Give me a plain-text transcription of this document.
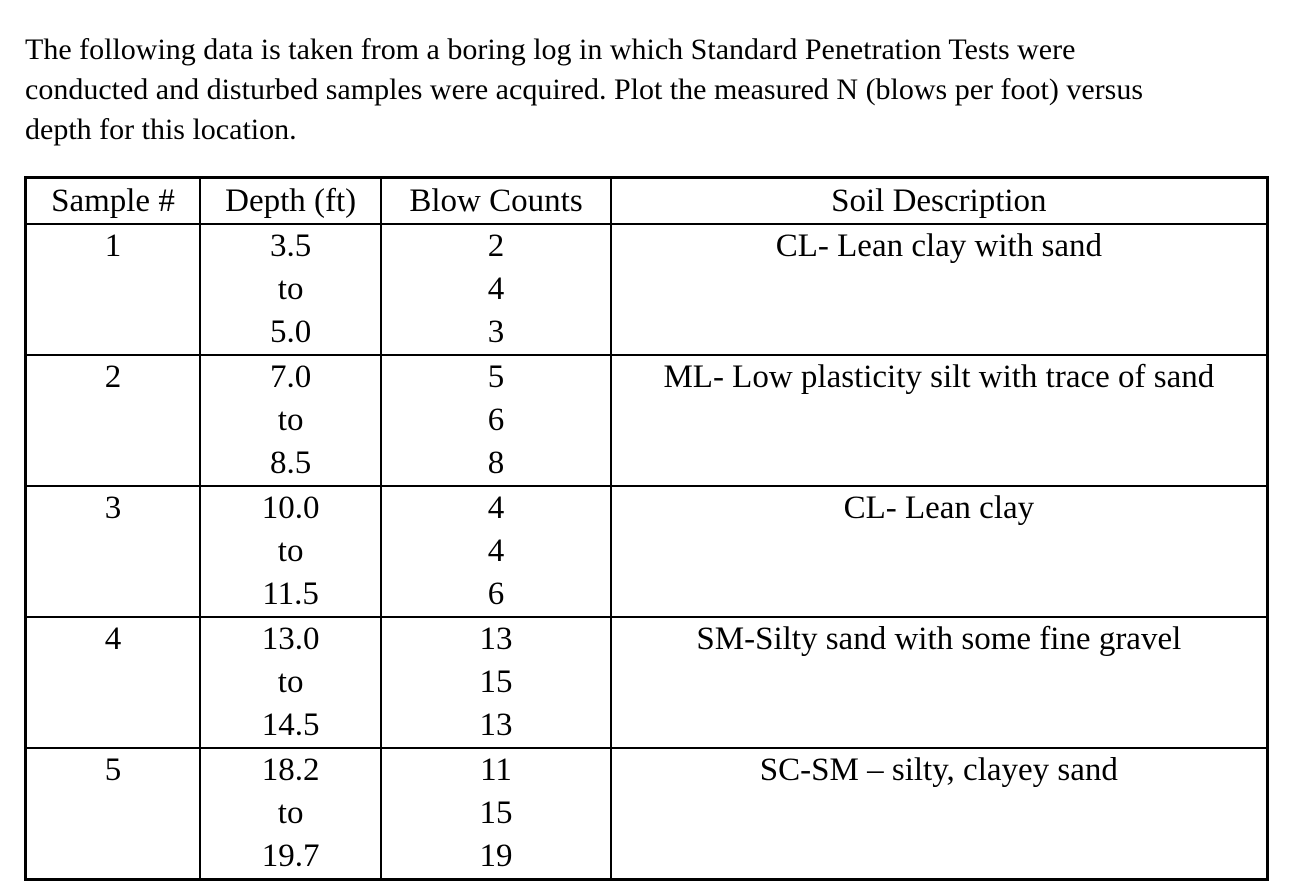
The following data is taken from a boring log in which Standard Penetration Tests were
conducted and disturbed samples were acquired. Plot the measured N (blows per foot) versus
depth for this location.
Sample #	Depth (ft)	Blow Counts	Soil Description
1	3.5
to
5.0	2
4
3	CL- Lean clay with sand
2	7.0
to
8.5	5
6
8	ML- Low plasticity silt with trace of sand
3	10.0
to
11.5	4
4
6	CL- Lean clay
4	13.0
to
14.5	13
15
13	SM-Silty sand with some fine gravel
5	18.2
to
19.7	11
15
19	SC-SM – silty, clayey sand
